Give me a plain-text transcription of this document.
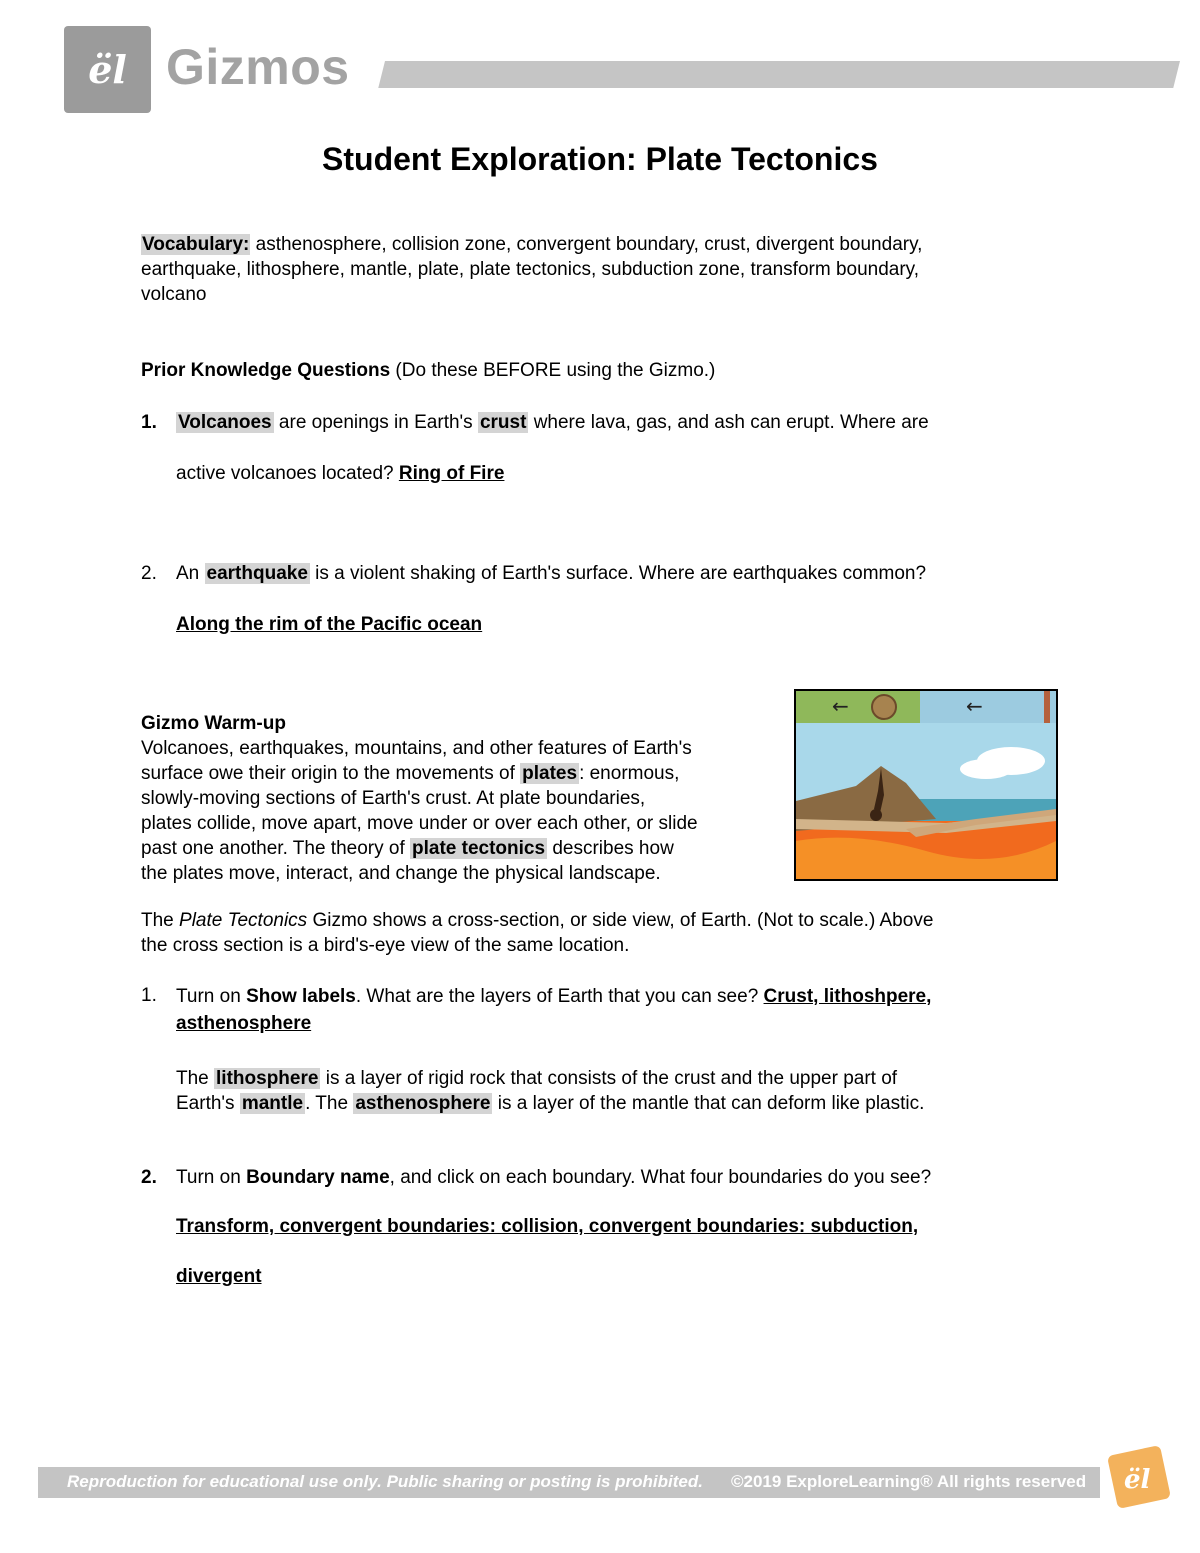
ël Gizmos
Student Exploration: Plate Tectonics
Vocabulary: asthenosphere, collision zone, convergent boundary, crust, divergent boundary,
earthquake, lithosphere, mantle, plate, plate tectonics, subduction zone, transform boundary,
volcano
Prior Knowledge Questions (Do these BEFORE using the Gizmo.)
1. Volcanoes are openings in Earth's crust where lava, gas, and ash can erupt. Where are
active volcanoes located? Ring of Fire
2. An earthquake is a violent shaking of Earth's surface. Where are earthquakes common?
Along the rim of the Pacific ocean
Gizmo Warm-up
Volcanoes, earthquakes, mountains, and other features of Earth's
surface owe their origin to the movements of plates : enormous,
slowly-moving sections of Earth's crust. At plate boundaries,
plates collide, move apart, move under or over each other, or slide
past one another. The theory of plate tectonics describes how
the plates move, interact, and change the physical landscape.
←	←
The Plate Tectonics Gizmo shows a cross-section, or side view, of Earth. (Not to scale.) Above
the cross section is a bird's-eye view of the same location.
1. Turn on Show labels. What are the layers of Earth that you can see? Crust, lithoshpere,
asthenosphere
The lithosphere is a layer of rigid rock that consists of the crust and the upper part of
Earth's mantle . The asthenosphere is a layer of the mantle that can deform like plastic.
2. Turn on Boundary name, and click on each boundary. What four boundaries do you see?
Transform, convergent boundaries: collision, convergent boundaries: subduction,
divergent
Reproduction for educational use only. Public sharing or posting is prohibited. ©2019 ExploreLearning® All rights reserved ël
